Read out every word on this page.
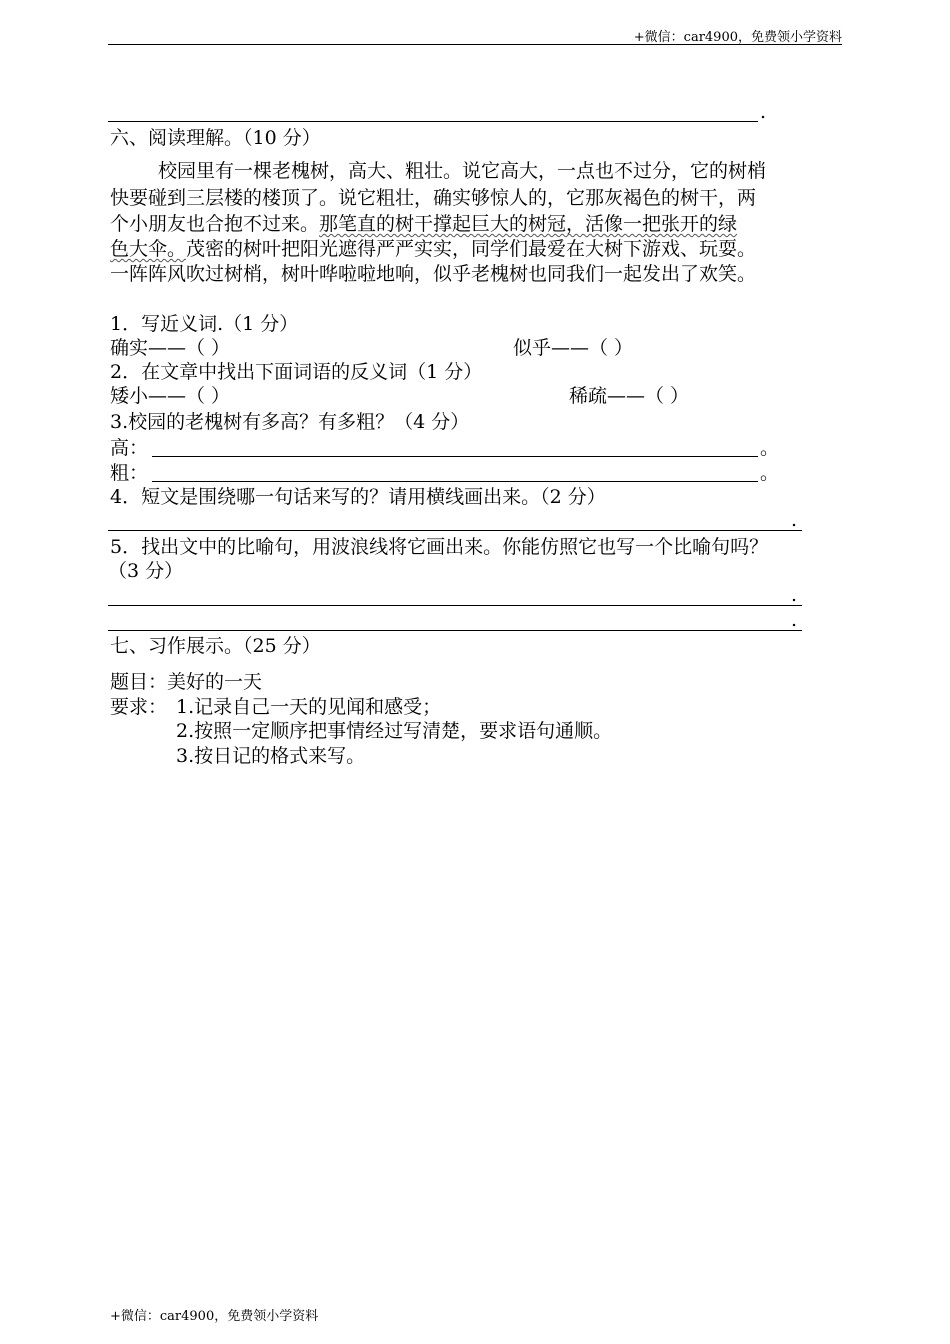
+微信：car4900，免费领小学资料
.
六、阅读理解。（10 分）
校园里有一棵老槐树，高大、粗壮。说它高大，一点也不过分，它的树梢
快要碰到三层楼的楼顶了。说它粗壮，确实够惊人的，它那灰褐色的树干，两
个小朋友也合抱不过来。那笔直的树干撑起巨大的树冠，活像一把张开的绿
色大伞。茂密的树叶把阳光遮得严严实实，同学们最爱在大树下游戏、玩耍。
一阵阵风吹过树梢，树叶哗啦啦地响，似乎老槐树也同我们一起发出了欢笑。
1．写近义词.（1 分）
确实——（ ）	似乎——（ ）
2．在文章中找出下面词语的反义词（1 分）
矮小——（ ）	稀疏——（ ）
3.校园的老槐树有多高？有多粗？（4 分）
高：	。
粗：	。
4．短文是围绕哪一句话来写的？请用横线画出来。（2 分）
.
5．找出文中的比喻句，用波浪线将它画出来。你能仿照它也写一个比喻句吗？
（3 分）
.
.
七、习作展示。（25 分）
题目：美好的一天
要求： 1.记录自己一天的见闻和感受；
2.按照一定顺序把事情经过写清楚，要求语句通顺。
3.按日记的格式来写。
+微信：car4900，免费领小学资料
